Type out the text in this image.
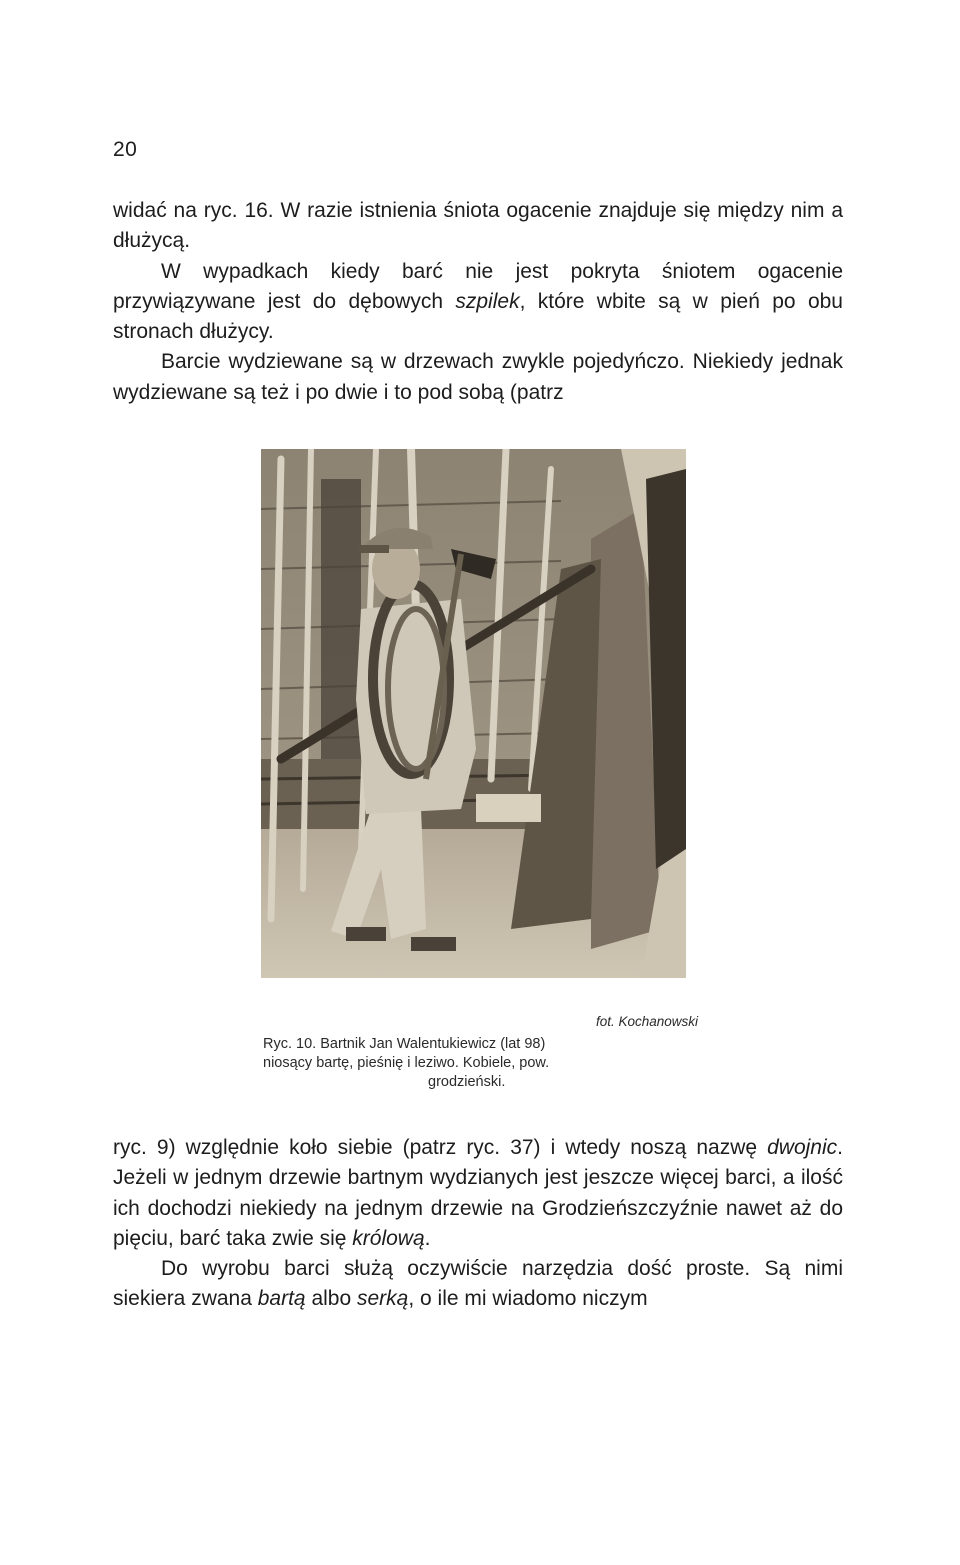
20

widać na ryc. 16. W razie istnienia śniota ogacenie znajduje się między nim a dłużycą.

W wypadkach kiedy barć nie jest pokryta śniotem ogacenie przywiązywane jest do dębowych szpilek, które wbite są w pień po obu stronach dłużycy.

Barcie wydziewane są w drzewach zwykle pojedyńczo. Niekiedy jednak wydziewane są też i po dwie i to pod sobą (patrz

fot. Kochanowski
Ryc. 10. Bartnik Jan Walentukiewicz (lat 98)
niosący bartę, pieśnię i leziwo. Kobiele, pow.
grodzieński.

ryc. 9) względnie koło siebie (patrz ryc. 37) i wtedy noszą nazwę dwojnic. Jeżeli w jednym drzewie bartnym wydzianych jest jeszcze więcej barci, a ilość ich dochodzi niekiedy na jednym drzewie na Grodzieńszczyźnie nawet aż do pięciu, barć taka zwie się królową.

Do wyrobu barci służą oczywiście narzędzia dość proste. Są nimi siekiera zwana bartą albo serką, o ile mi wiadomo niczym
